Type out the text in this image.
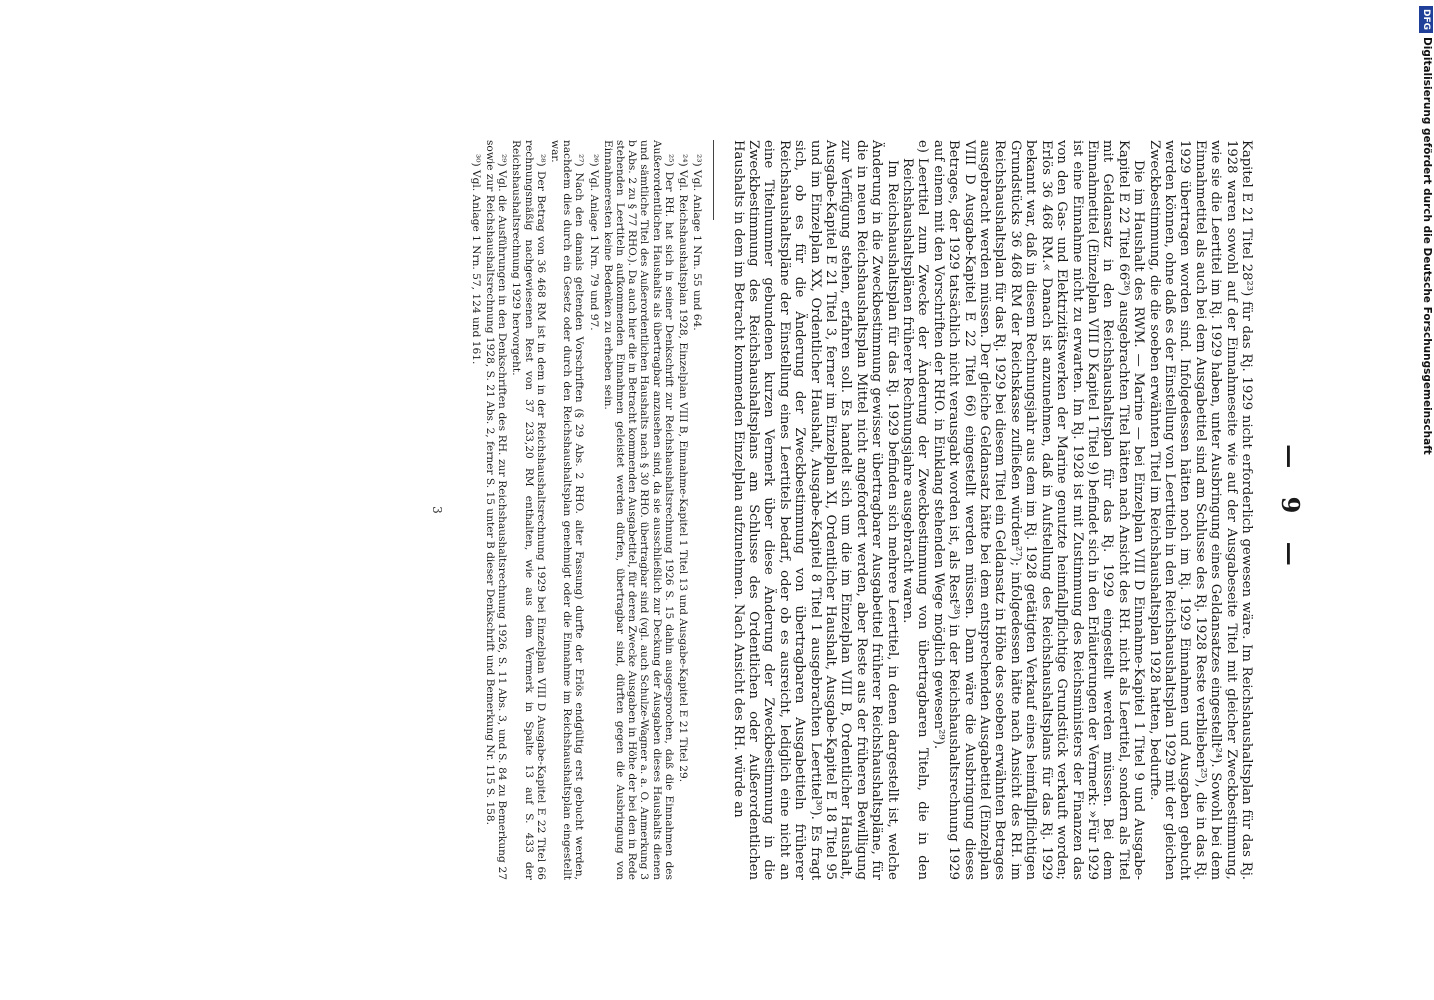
— 9 —

Kapitel E 21 Titel 28²³) für das Rj. 1929 nicht erforderlich gewesen wäre. Im Reichshaushaltsplan für das Rj. 1928 waren sowohl auf der Einnahmeseite wie auf der Ausgabeseite Titel mit gleicher Zweckbestimmung, wie sie die Leertitel im Rj. 1929 haben, unter Ausbringung eines Geldansatzes eingestellt²⁴). Sowohl bei dem Einnahmetitel als auch bei dem Ausgabetitel sind am Schlusse des Rj. 1928 Reste verblieben²⁵), die in das Rj. 1929 übertragen worden sind. Infolgedessen hätten noch im Rj. 1929 Einnahmen und Ausgaben gebucht werden können, ohne daß es der Einstellung von Leertiteln in den Reichshaushaltsplan 1929 mit der gleichen Zweckbestimmung, die die soeben erwähnten Titel im Reichshaushaltsplan 1928 hatten, bedurfte.

Die im Haushalt des RWM. — Marine — bei Einzelplan VIII D Einnahme-Kapitel 1 Titel 9 und Ausgabe-Kapitel E 22 Titel 66²⁶) ausgebrachten Titel hätten nach Ansicht des RH. nicht als Leertitel, sondern als Titel mit Geldansatz in den Reichshaushaltsplan für das Rj. 1929 eingestellt werden müssen. Bei dem Einnahmetitel (Einzelplan VIII D Kapitel 1 Titel 9) befindet sich in den Erläuterungen der Vermerk: »Für 1929 ist eine Einnahme nicht zu erwarten. Im Rj. 1928 ist mit Zustimmung des Reichsministers der Finanzen das von den Gas- und Elektrizitätswerken der Marine genutzte heimfallpflichtige Grundstück verkauft worden; Erlös 36 468 RM.« Danach ist anzunehmen, daß in Aufstellung des Reichshaushaltsplans für das Rj. 1929 bekannt war, daß in diesem Rechnungsjahr aus dem im Rj. 1928 getätigten Verkauf eines heimfallpflichtigen Grundstücks 36 468 RM der Reichskasse zufließen würden²⁷); infolgedessen hätte nach Ansicht des RH. im Reichshaushaltsplan für das Rj. 1929 bei diesem Titel ein Geldansatz in Höhe des soeben erwähnten Betrages ausgebracht werden müssen. Der gleiche Geldansatz hätte bei dem entsprechenden Ausgabetitel (Einzelplan VIII D Ausgabe-Kapitel E 22 Titel 66) eingestellt werden müssen. Dann wäre die Ausbringung dieses Betrages, der 1929 tatsächlich nicht verausgabt worden ist, als Rest²⁸) in der Reichshaushaltsrechnung 1929 auf einem mit den Vorschriften der RHO. in Einklang stehenden Wege möglich gewesen²⁹).

e)Leertitel zum Zwecke der Änderung der Zweckbestimmung von übertragbaren Titeln, die in den Reichshaushaltsplänen früherer Rechnungsjahre ausgebracht waren.

Im Reichshaushaltsplan für das Rj. 1929 befinden sich mehrere Leertitel, in denen dargestellt ist, welche Änderung in die Zweckbestimmung gewisser übertragbarer Ausgabetitel früherer Reichshaushaltspläne, für die in neuen Reichshaushaltsplan Mittel nicht angefordert werden, aber Reste aus der früheren Bewilligung zur Verfügung stehen, erfahren soll. Es handelt sich um die im Einzelplan VIII B, Ordentlicher Haushalt, Ausgabe-Kapitel E 21 Titel 3, ferner im Einzelplan XI, Ordentlicher Haushalt, Ausgabe-Kapitel E 18 Titel 95 und im Einzelplan XX, Ordentlicher Haushalt, Ausgabe-Kapitel 8 Titel 1 ausgebrachten Leertitel³⁰). Es fragt sich, ob es für die Änderung der Zweckbestimmung von übertragbaren Ausgabetiteln früherer Reichshaushaltspläne der Einstellung eines Leertitels bedarf, oder ob es ausreicht, lediglich eine nicht an eine Titelnummer gebundenen kurzen Vermerk über diese Änderung der Zweckbestimmung in die Zweckbestimmung des Reichshaushaltsplans am Schlusse des Ordentlichen oder Außerordentlichen Haushalts in dem im Betracht kommenden Einzelplan aufzunehmen. Nach Ansicht des RH. würde an

²³) Vgl. Anlage 1 Nrn. 55 und 64.

²⁴) Vgl. Reichshaushaltsplan 1928, Einzelplan VIII B, Einnahme-Kapitel 1 Titel 13 und Ausgabe-Kapitel E 21 Titel 29.

²⁵) Der RH. hat sich in seiner Denkschrift zur Reichshaushaltsrechnung 1926 S. 15 dahin ausgesprochen, daß die Einnahmen des Außerordentlichen Haushalts als übertragbar anzusehen sind, da sie ausschließlich zur Deckung der Ausgaben dieses Haushalts dienen und sämtliche Titel des Außerordentlichen Haushalts nach § 30 RHO. übertragbar sind (vgl. auch Schulze-Wagner a. a. O. Anmerkung 3 b Abs. 2 zu § 77 RHO.). Da auch hier die in Betracht kommenden Ausgabetitel, für deren Zwecke Ausgaben in Höhe der bei den in Rede stehenden Leertiteln aufkommenden Einnahmen geleistet werden dürfen, übertragbar sind, dürften gegen die Ausbringung von Einnahmeresten keine Bedenken zu erheben sein.

²⁶) Vgl. Anlage 1 Nrn. 79 und 97.

²⁷) Nach den damals geltenden Vorschriften (§ 29 Abs. 2 RHO. alter Fassung) durfte der Erlös endgültig erst gebucht werden, nachdem dies durch ein Gesetz oder durch den Reichshaushaltsplan genehmigt oder die Einnahme im Reichshaushaltsplan eingestellt war.

²⁸) Der Betrag von 36 468 RM ist in dem in der Reichshaushaltsrechnung 1929 bei Einzelplan VIII D Ausgabe-Kapitel E 22 Titel 66 rechnungsmäßig nachgewiesenen Rest von 37 233,20 RM enthalten, wie aus dem Vermerk in Spalte 13 auf S. 433 der Reichshaushaltsrechnung 1929 hervorgeht.

²⁹) Vgl. die Ausführungen in den Denkschriften des RH. zur Reichshaushaltsrechnung 1926, S. 11 Abs. 3, und S. 84 zu Bemerkung 27 sowie zur Reichshaushaltsrechnung 1928, S. 21 Abs. 2, ferner S. 15 unter B dieser Denkschrift und Bemerkung Nr. 115 S. 158.

³⁰) Vgl. Anlage 1 Nrn. 57, 124 und 161.

3
DFGDigitalisierung gefördert durch die Deutsche Forschungsgemeinschaft
